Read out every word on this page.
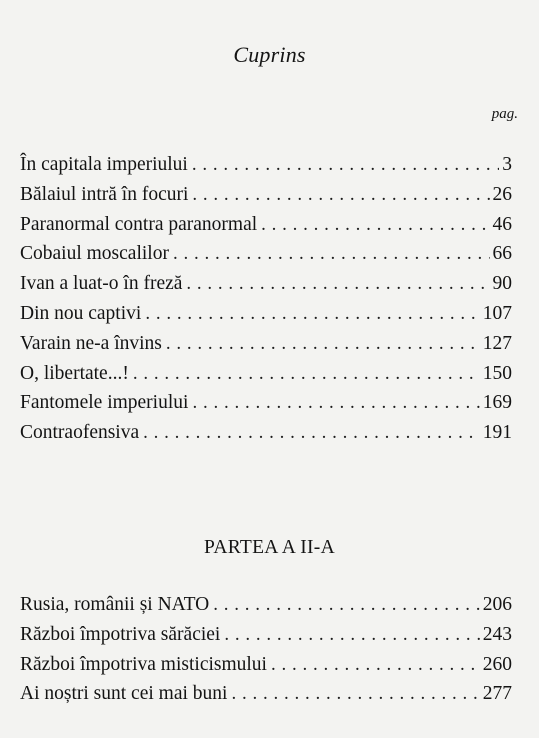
Cuprins
pag.
În capitala imperiului . . .	3
Bălaiul intră în focuri . . .	26
Paranormal contra paranormal . . .	46
Cobaiul moscalilor . . .	66
Ivan a luat-o în freză . . .	90
Din nou captivi . . .	107
Varain ne-a învins . . .	127
O, libertate...! . . .	150
Fantomele imperiului . . .	169
Contraofensiva . . .	191
PARTEA A II-A
Rusia, românii și NATO . . .	206
Război împotriva sărăciei . . .	243
Război împotriva misticismului . . .	260
Ai noștri sunt cei mai buni . . .	277
